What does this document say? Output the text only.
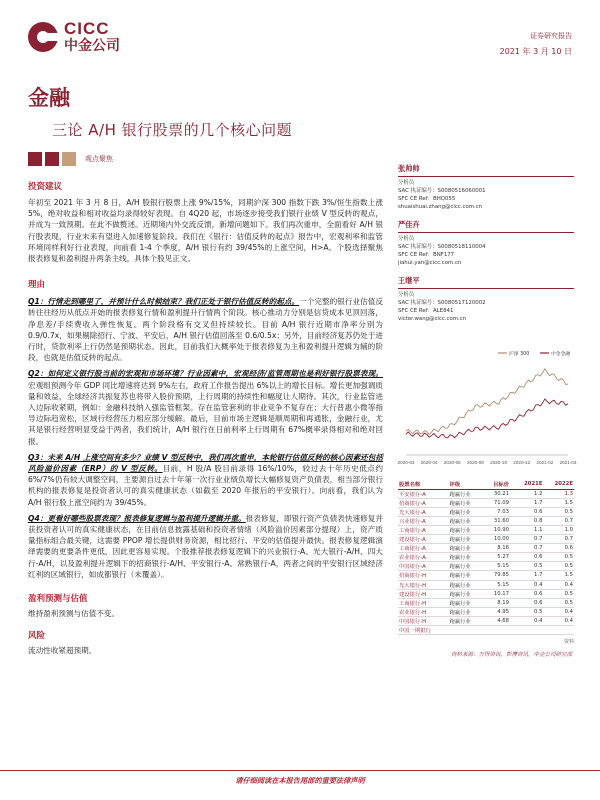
CICC
中金公司
证券研究报告
2021 年 3 月 10 日
金融
三论 A/H 银行股票的几个核心问题
观点聚焦
投资建议

年初至 2021 年 3 月 8 日，A/H 股银行股票上涨 9%/15%，同期沪深 300 指数下跌 3%/恒生指数上涨 5%，绝对收益和相对收益均录得较好表现。自 4Q20 起，市场逐步接受我们银行业绩 V 型反转的观点，并成为一致预期。在此不做赘述。近期境内外交流反馈，新增问题如下。我们再次重申，全面看好 A/H 银行股表现，行业未来有望进入加速修复阶段。我们在《银行：估值反转的起点》报告中，宏观利率和监管环境同样利好行业表现，向前看 1-4 个季度，A/H 银行有约 39/45%的上涨空间，H>A。个股选择聚焦报表修复和盈利提升两条主线，具体个股见正文。

理由

Q1：行情走到哪里了，并预计什么时候结束？我们正处于银行估值反转的起点。一个完整的银行业估值反转往往经历从低点开始的报表修复行情和盈利提升行情两个阶段。核心推动力分别是信贷成本见顶回落，净息差/手续费收入弹性恢复。两个阶段格有交叉但持续较长。目前 A/H 银行近期市净率分别为 0.9/0.7x，如果剔除招行、宁波、平安后，A/H 银行估值回落至 0.6/0.5x；另外，目前经济复苏仍处于进行时，贷款利率上行仍然是预期状态。因此，目前我们大概率处于报表修复为主和盈利提升逻辑为辅的阶段，也就是估值反转的起点。

Q2：如何定义银行股当前的宏观和市场环境？行业因素中，宏观经济/监管周期也是利好银行股票表现。宏观组预测今年 GDP 同比增速将达到 9%左右，政府工作报告提出 6%以上的增长目标。增长更加强调质量和效益，全球经济共振复苏也将带入股价预期，上行周期的持续性和幅度让人期待。其次，行业监管进入边际收紧期，例如：金融科技纳入强监管框架。存在监管套利的非业竞争不复存在；大行普惠小微等指导边际趋宽松，区域行经营压力相应部分缓解。最后，目前市场主逻辑是顺周期和再通胀，金融行业，尤其是银行经营明显受益于两者，我们统计，A/H 银行在日前利率上行周期有 67%概率录得相对和绝对回报。

Q3：未来 A/H 上涨空间有多少？业绩 V 型反转中，我们再次重申，本轮银行估值反转的核心因素还包括风险溢价因素（ERP）的 V 型反转。目前，H 股/A 股目前录得 16%/10%，较过去十年历史低点约 6%/7%仍有较大调整空间，主要源自过去十年第一次行业业绩负增长大幅修复资产负债表，相当部分银行机构的报表修复是投资者认可的真实健康状态（如截至 2020 年报后的平安银行）。向前看，我们认为 A/H 银行股上涨空间约为 39/45%。

Q4：更看好哪些股票表现？报表修复逻辑与盈利提升逻辑并重。报表修复，即银行资产负债表快速修复并获投资者认可的真实健康状态，在目前信息披露基础和投资者情绪（风险溢价因素部分提现）上，资产质量指标组合最关键，这需要 PPOP 增长提供财务资源，相比招行、平安的估值提升最快。报表修复逻辑演绎需要的更要条件更低，因此更容易实现。个股推荐报表修复逻辑下的兴业银行-A、光大银行-A/H、四大行-A/H，以及盈利提升逻辑下的招商银行-A/H、平安银行-A、常熟银行-A，两者之间的平安银行区域经济红利的区域银行，如成都银行（未覆盖）。

盈利预测与估值

维持盈利预测与估值不变。

风险

流动性收紧超预期。

张帅帅
分析员
SAC 执证编号：S0080516060001
SFC CE Ref：BHQ055
shuaishuai.zhang@cicc.com.cn
严佳卉
分析员
SAC 执证编号：S0080518110004
SFC CE Ref：BNF177
jiahui.yan@cicc.com.cn
王继平
分析员
SAC 执证编号：S0080517120002
SFC CE Ref：ALE841
victor.wang@cicc.com.cn
2020-03 2020-04 2020-06 2020-08 2020-10 2020-12 2021-02 2021-03
沪深 300	中金金融
股票名称	评级	目标价		2021E	2022E
平安银行-A	跑赢行业	30.21		1.2	1.3
招商银行-A	跑赢行业	71.09		1.7	1.5
光大银行-A	跑赢行业	7.03		0.6	0.5
兴业银行-A	跑赢行业	31.60		0.8	0.7
工商银行-A	跑赢行业	10.90		1.1	1.0
建设银行-A	跑赢行业	10.00		0.7	0.7
工商银行-A	跑赢行业	8.16		0.7	0.6
农业银行-A	跑赢行业	5.27		0.6	0.5
中国银行-A	跑赢行业	5.15		0.5	0.5
招商银行-H	跑赢行业	79.85		1.7	1.5
光大银行-H	跑赢行业	5.15		0.4	0.4
建设银行-H	跑赢行业	10.17		0.6	0.5
工商银行-H	跑赢行业	8.19		0.6	0.5
农业银行-H	跑赢行业	4.95		0.5	0.4
中国银行-H	跑赢行业	4.68		0.4	0.4
中国一期银行					
资料
资料来源：万得资讯，彭博资讯，中金公司研究部
请仔细阅读在本报告尾部的重要法律声明
